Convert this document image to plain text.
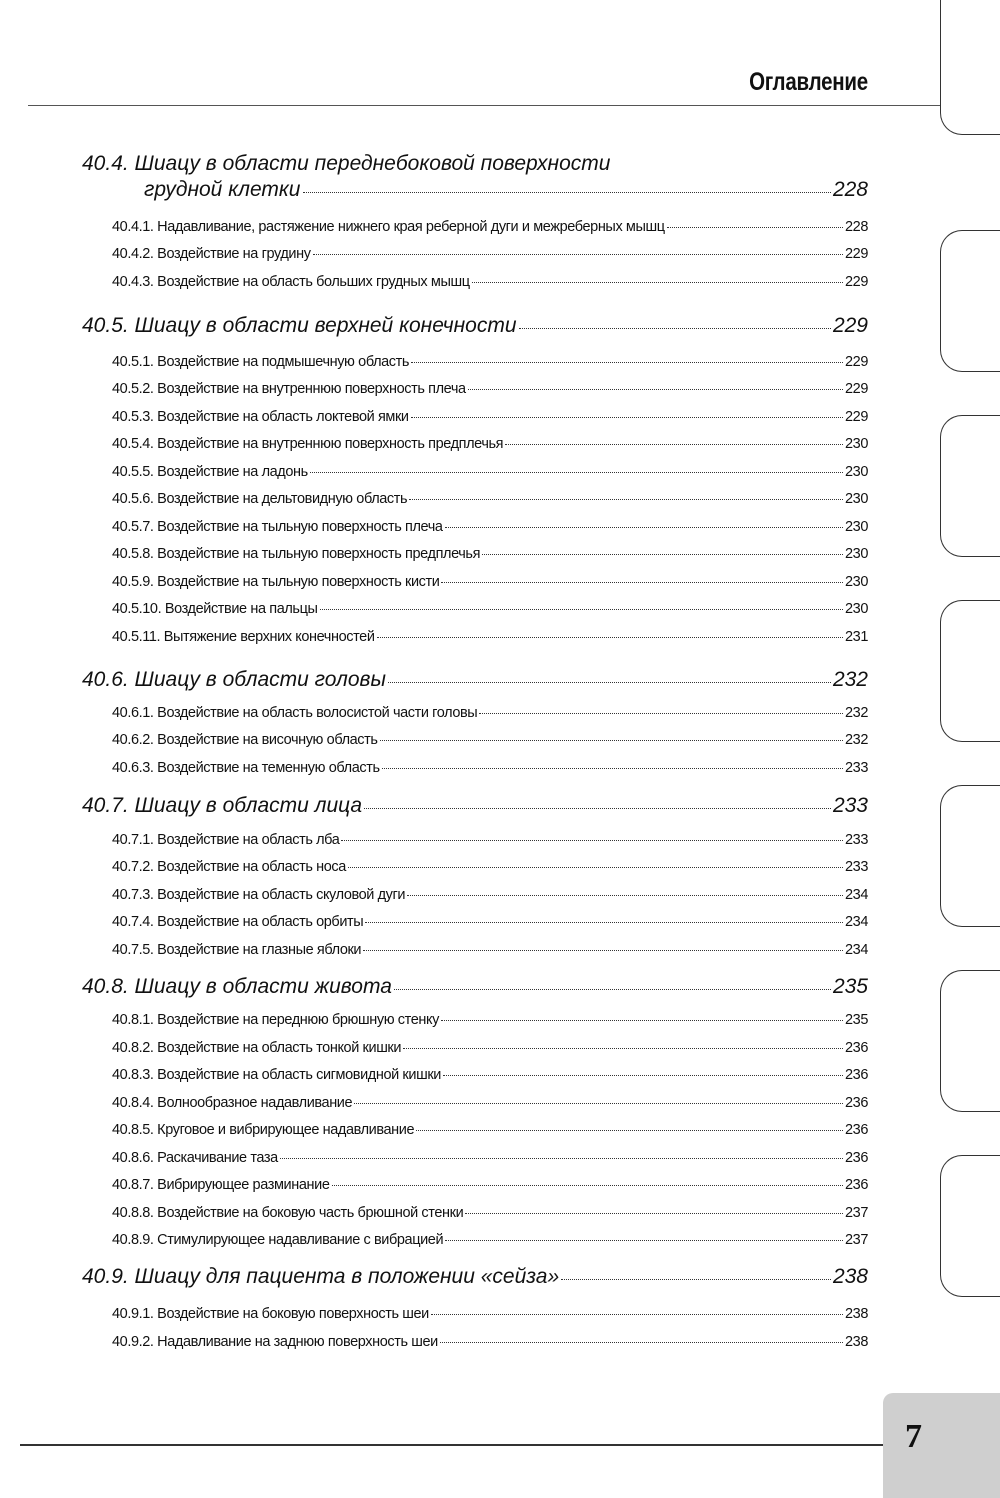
Оглавление
40.4. Шиацу в области переднебоковой поверхности
грудной клетки	228
40.4.1. Надавливание, растяжение нижнего края реберной дуги и межреберных мышц	228
40.4.2. Воздействие на грудину	229
40.4.3. Воздействие на область больших грудных мышц	229
40.5. Шиацу в области верхней конечности	229
40.5.1. Воздействие на подмышечную область	229
40.5.2. Воздействие на внутреннюю поверхность плеча	229
40.5.3. Воздействие на область локтевой ямки	229
40.5.4. Воздействие на внутреннюю поверхность предплечья	230
40.5.5. Воздействие на ладонь	230
40.5.6. Воздействие на дельтовидную область	230
40.5.7. Воздействие на тыльную поверхность плеча	230
40.5.8. Воздействие на тыльную поверхность предплечья	230
40.5.9. Воздействие на тыльную поверхность кисти	230
40.5.10. Воздействие на пальцы	230
40.5.11. Вытяжение верхних конечностей	231
40.6. Шиацу в области головы	232
40.6.1. Воздействие на область волосистой части головы	232
40.6.2. Воздействие на височную область	232
40.6.3. Воздействие на теменную область	233
40.7. Шиацу в области лица	233
40.7.1. Воздействие на область лба	233
40.7.2. Воздействие на область носа	233
40.7.3. Воздействие на область скуловой дуги	234
40.7.4. Воздействие на область орбиты	234
40.7.5. Воздействие на глазные яблоки	234
40.8. Шиацу в области живота	235
40.8.1. Воздействие на переднюю брюшную стенку	235
40.8.2. Воздействие на область тонкой кишки	236
40.8.3. Воздействие на область сигмовидной кишки	236
40.8.4. Волнообразное надавливание	236
40.8.5. Круговое и вибрирующее надавливание	236
40.8.6. Раскачивание таза	236
40.8.7. Вибрирующее разминание	236
40.8.8. Воздействие на боковую часть брюшной стенки	237
40.8.9. Стимулирующее надавливание с вибрацией	237
40.9. Шиацу для пациента в положении «сейза»	238
40.9.1. Воздействие на боковую поверхность шеи	238
40.9.2. Надавливание на заднюю поверхность шеи	238
7
